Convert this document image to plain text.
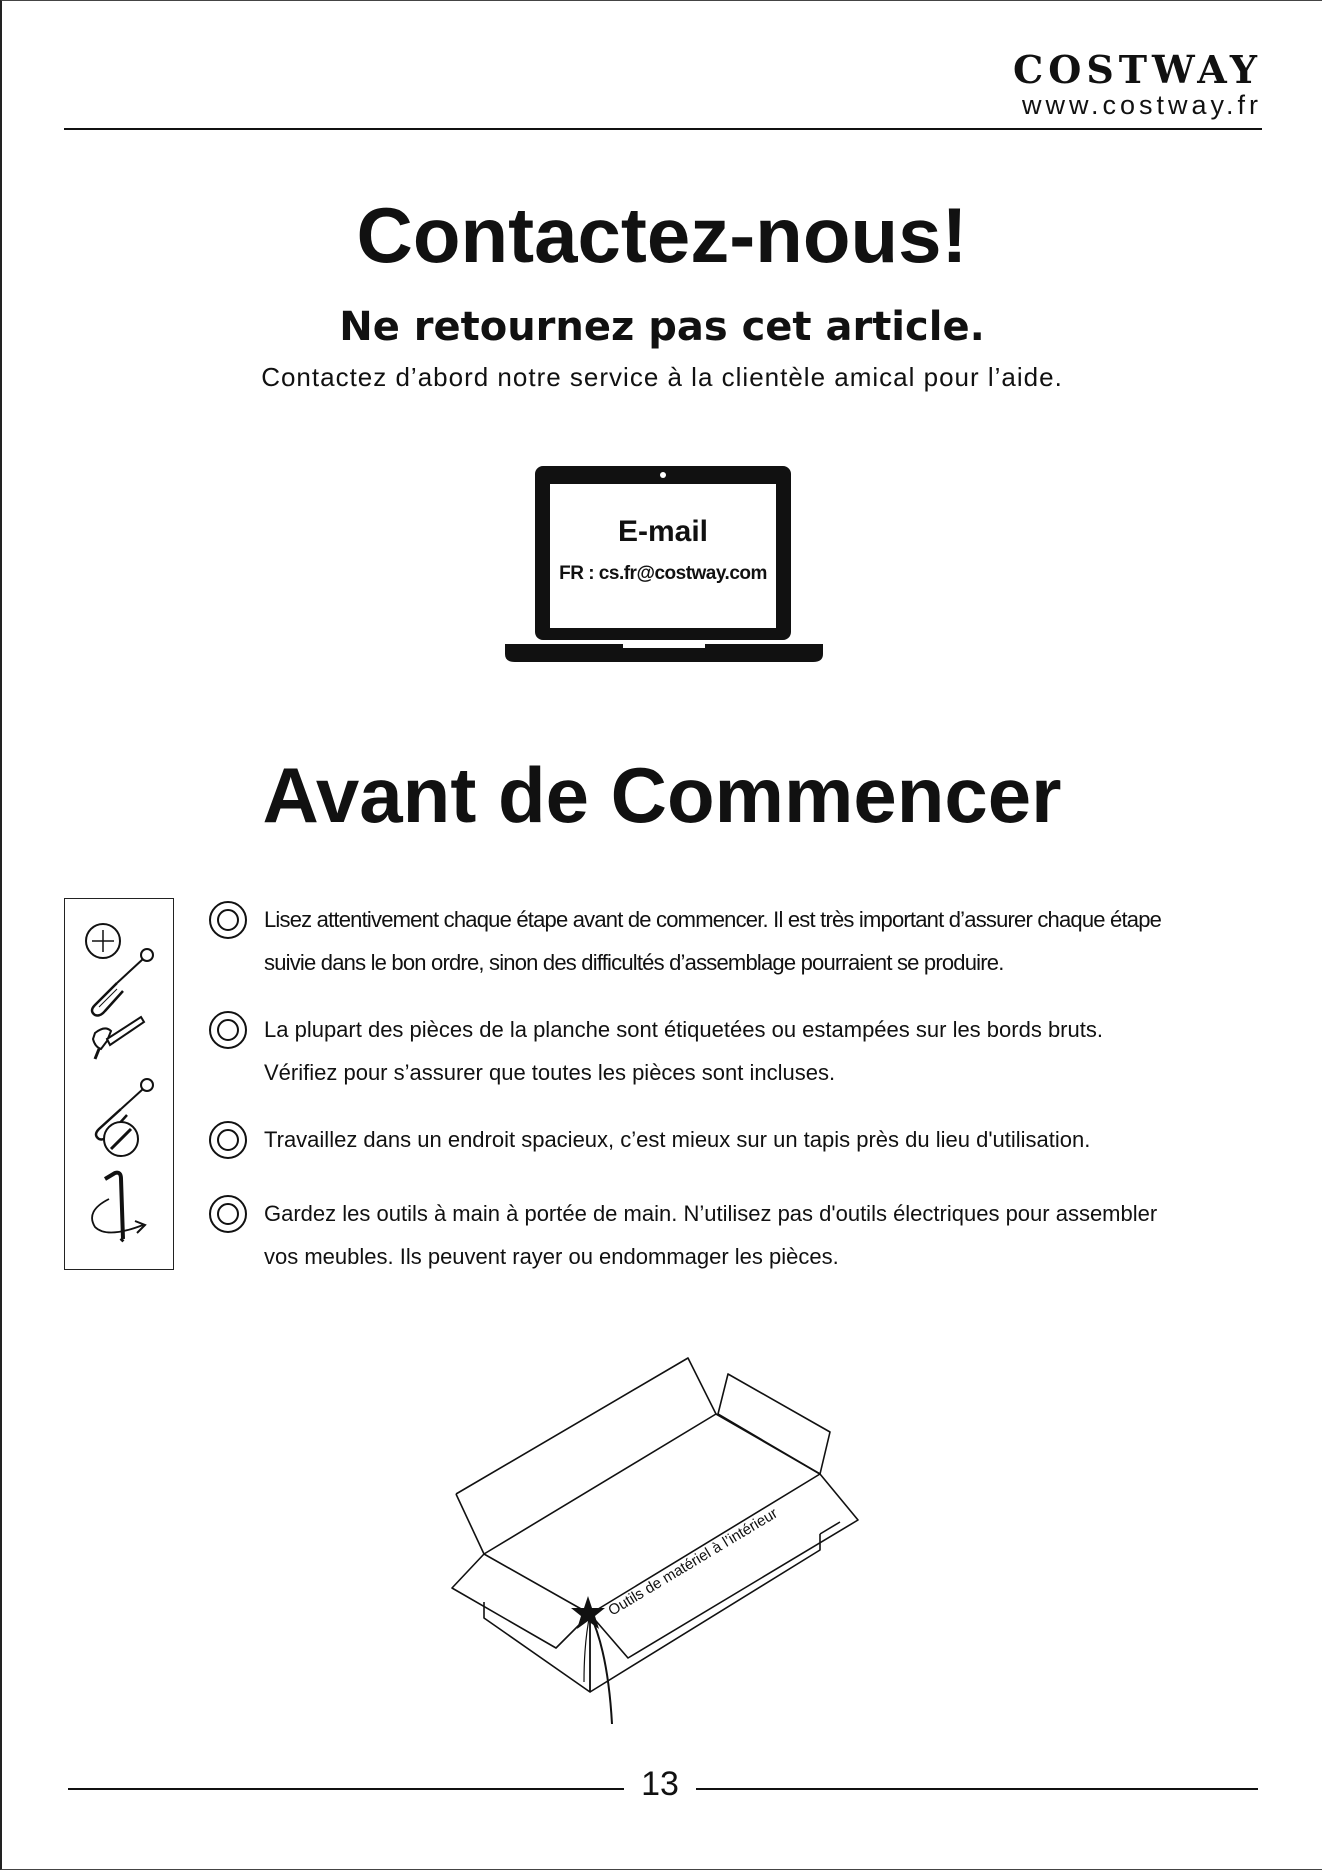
COSTWAY
www.costway.fr
Contactez-nous!
Ne retournez pas cet article.
Contactez d’abord notre service à la clientèle amical pour l’aide.
E-mail
FR : cs.fr@costway.com
Avant de Commencer
Lisez attentivement chaque étape avant de commencer. Il est très important d’assurer chaque étape
suivie dans le bon ordre, sinon des difficultés d’assemblage pourraient se produire.
La plupart des pièces de la planche sont étiquetées ou estampées sur les bords bruts.
Vérifiez pour s’assurer que toutes les pièces sont incluses.
Travaillez dans un endroit spacieux, c’est mieux sur un tapis près du lieu d'utilisation.
Gardez les outils à main à portée de main. N’utilisez pas d'outils électriques pour assembler
vos meubles. Ils peuvent rayer ou endommager les pièces.
Outils de matériel à l’intérieur
13
